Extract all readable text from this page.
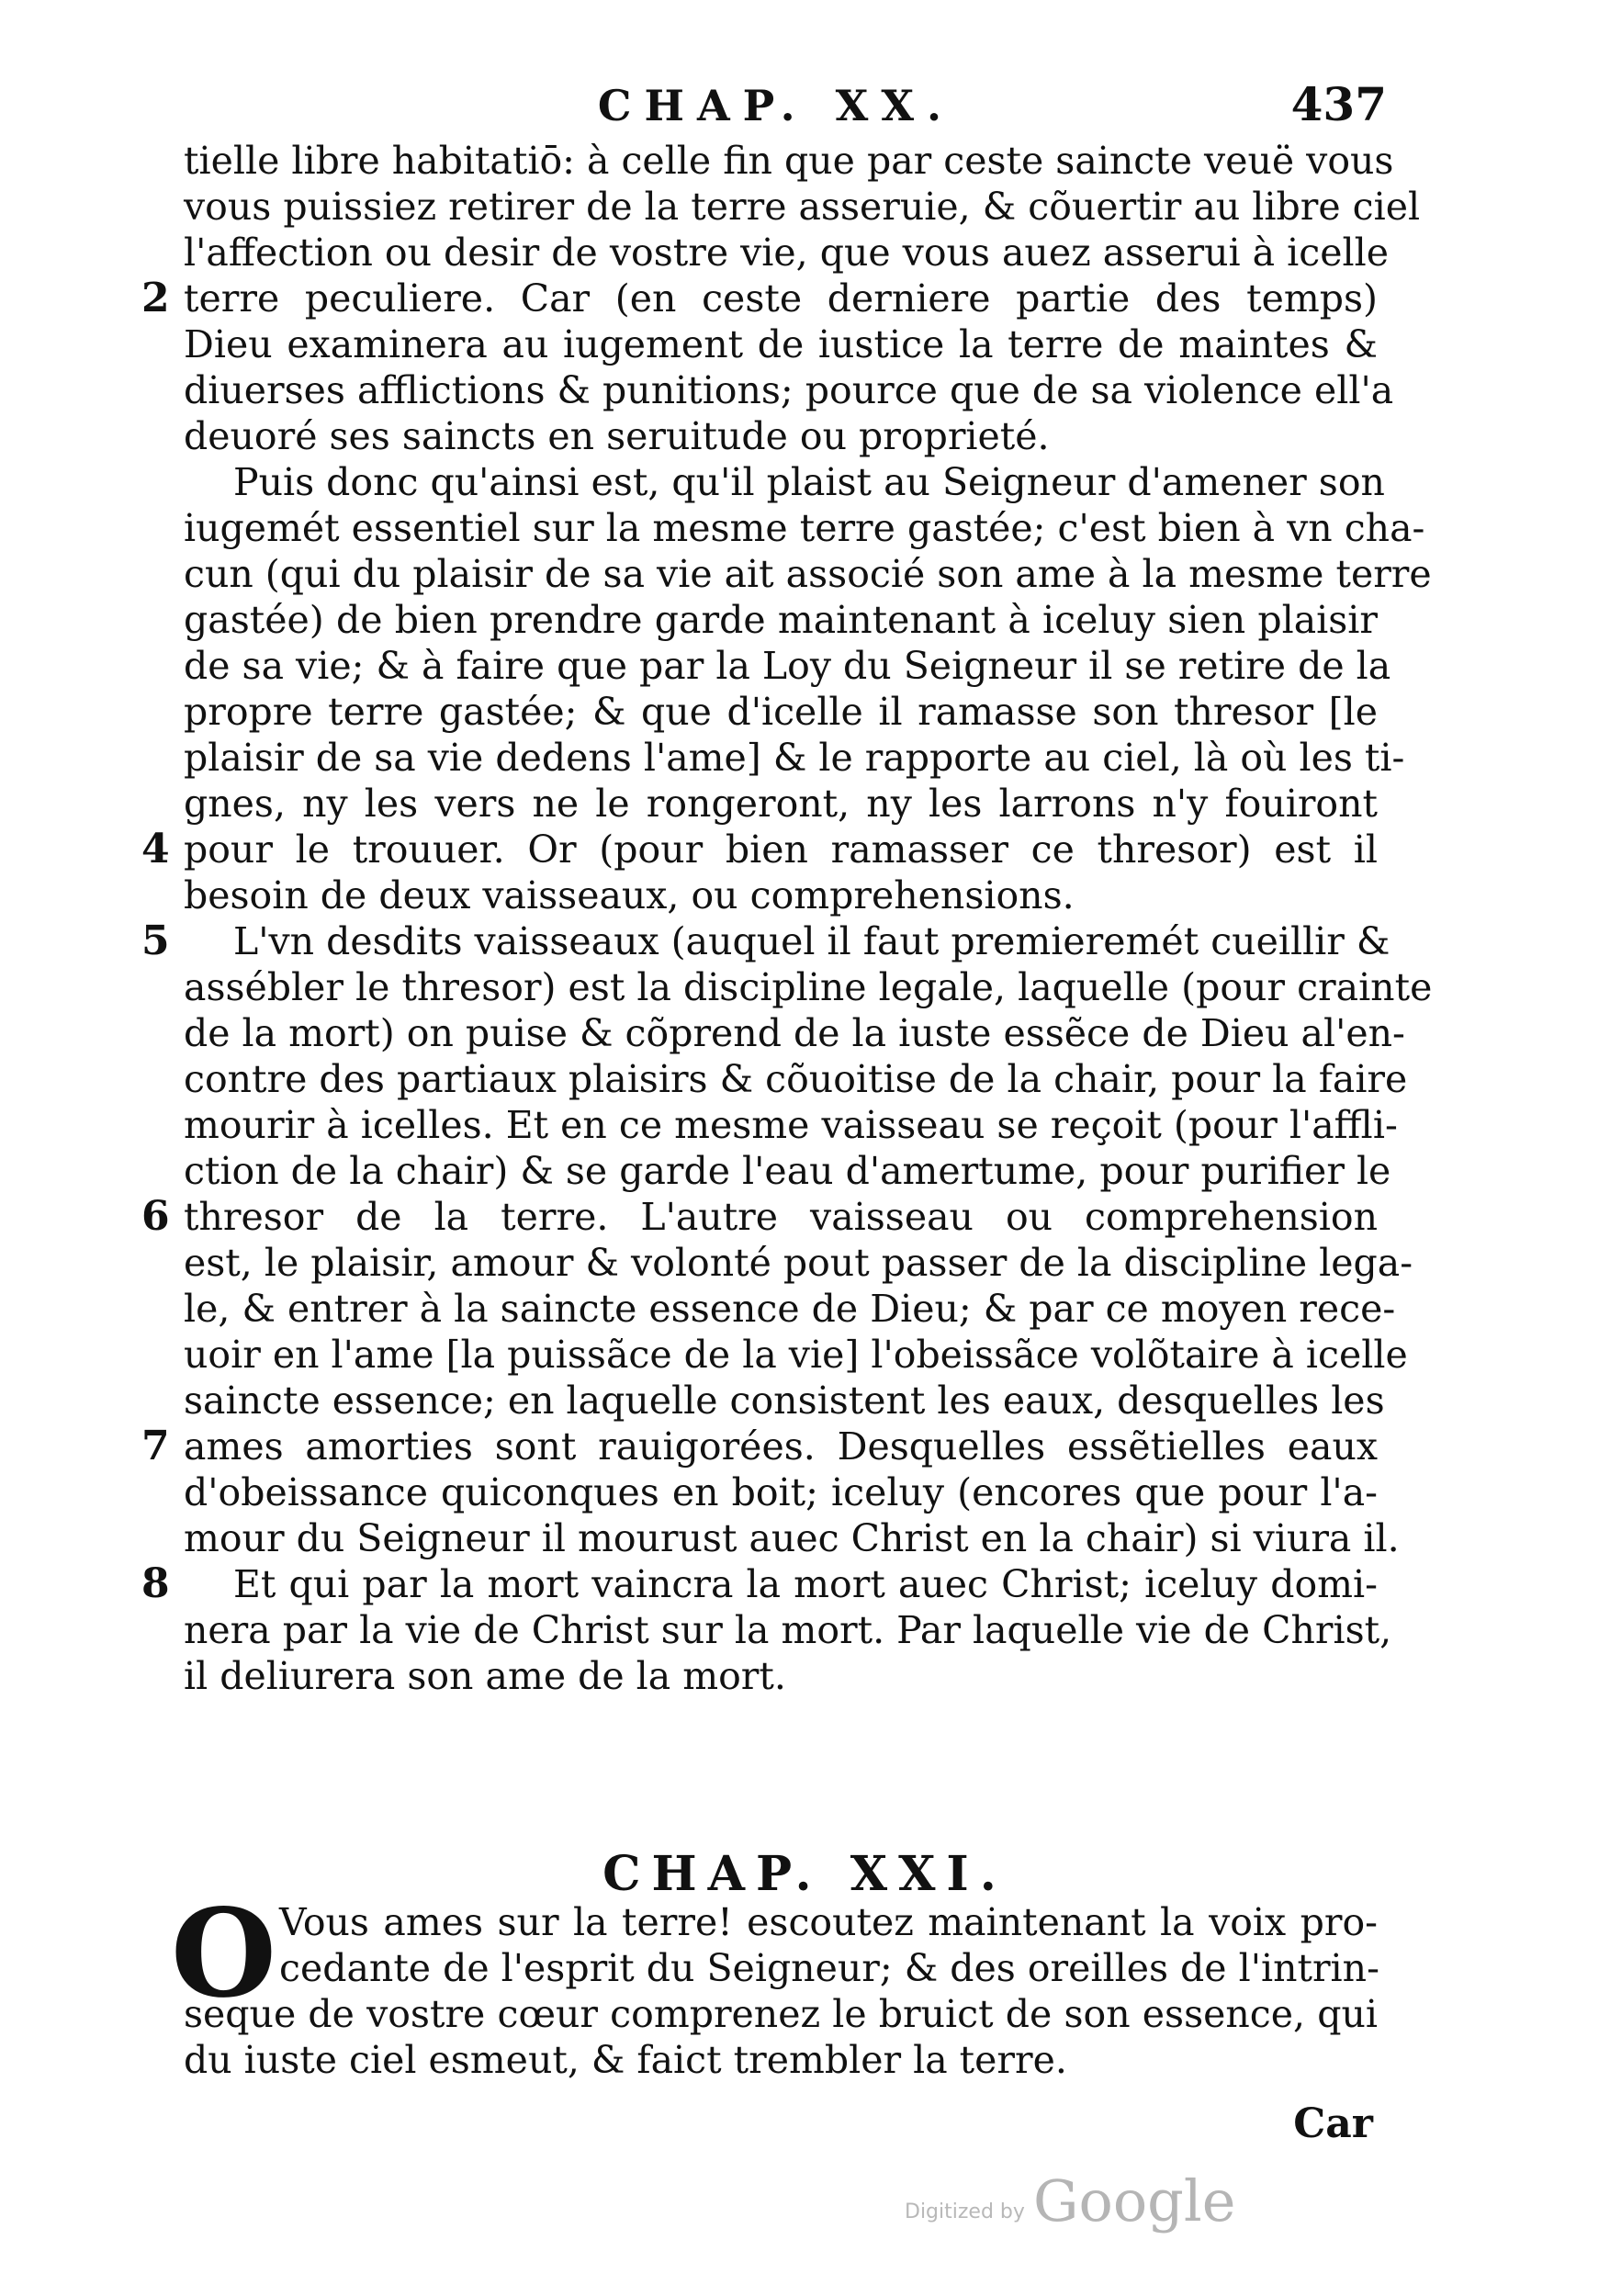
CHAP. XX.	437
tielle libre habitatiō: à celle fin que par ceste saincte veuë vous
vous puissiez retirer de la terre asseruie, & cõuertir au libre ciel
l'affection ou desir de vostre vie, que vous auez asserui à icelle
2 terre peculiere. Car (en ceste derniere partie des temps)
Dieu examinera au iugement de iustice la terre de maintes &
diuerses afflictions & punitions; pource que de sa violence ell'a
deuoré ses saincts en seruitude ou proprieté.
Puis donc qu'ainsi est, qu'il plaist au Seigneur d'amener son
iugemét essentiel sur la mesme terre gastée; c'est bien à vn cha-
cun (qui du plaisir de sa vie ait associé son ame à la mesme terre
gastée) de bien prendre garde maintenant à iceluy sien plaisir
de sa vie; & à faire que par la Loy du Seigneur il se retire de la
propre terre gastée; & que d'icelle il ramasse son thresor [le
plaisir de sa vie dedens l'ame] & le rapporte au ciel, là où les ti-
gnes, ny les vers ne le rongeront, ny les larrons n'y fouiront
4 pour le trouuer. Or (pour bien ramasser ce thresor) est il
besoin de deux vaisseaux, ou comprehensions.
5	L'vn desdits vaisseaux (auquel il faut premieremét cueillir &
assébler le thresor) est la discipline legale, laquelle (pour crainte
de la mort) on puise & cõprend de la iuste essẽce de Dieu al'en-
contre des partiaux plaisirs & cõuoitise de la chair, pour la faire
mourir à icelles. Et en ce mesme vaisseau se reçoit (pour l'affli-
ction de la chair) & se garde l'eau d'amertume, pour purifier le
6 thresor de la terre. L'autre vaisseau ou comprehension
est, le plaisir, amour & volonté pout passer de la discipline lega-
le, & entrer à la saincte essence de Dieu; & par ce moyen rece-
uoir en l'ame [la puissãce de la vie] l'obeissãce volõtaire à icelle
saincte essence; en laquelle consistent les eaux, desquelles les
7 ames amorties sont rauigorées. Desquelles essẽtielles eaux
d'obeissance quiconques en boit; iceluy (encores que pour l'a-
mour du Seigneur il mourust auec Christ en la chair) si viura il.
8	Et qui par la mort vaincra la mort auec Christ; iceluy domi-
nera par la vie de Christ sur la mort. Par laquelle vie de Christ,
il deliurera son ame de la mort.
CHAP. XXI.
O Vous ames sur la terre! escoutez maintenant la voix pro-
cedante de l'esprit du Seigneur; & des oreilles de l'intrin-
seque de vostre cœur comprenez le bruict de son essence, qui
du iuste ciel esmeut, & faict trembler la terre.
Car
Digitized by Google
